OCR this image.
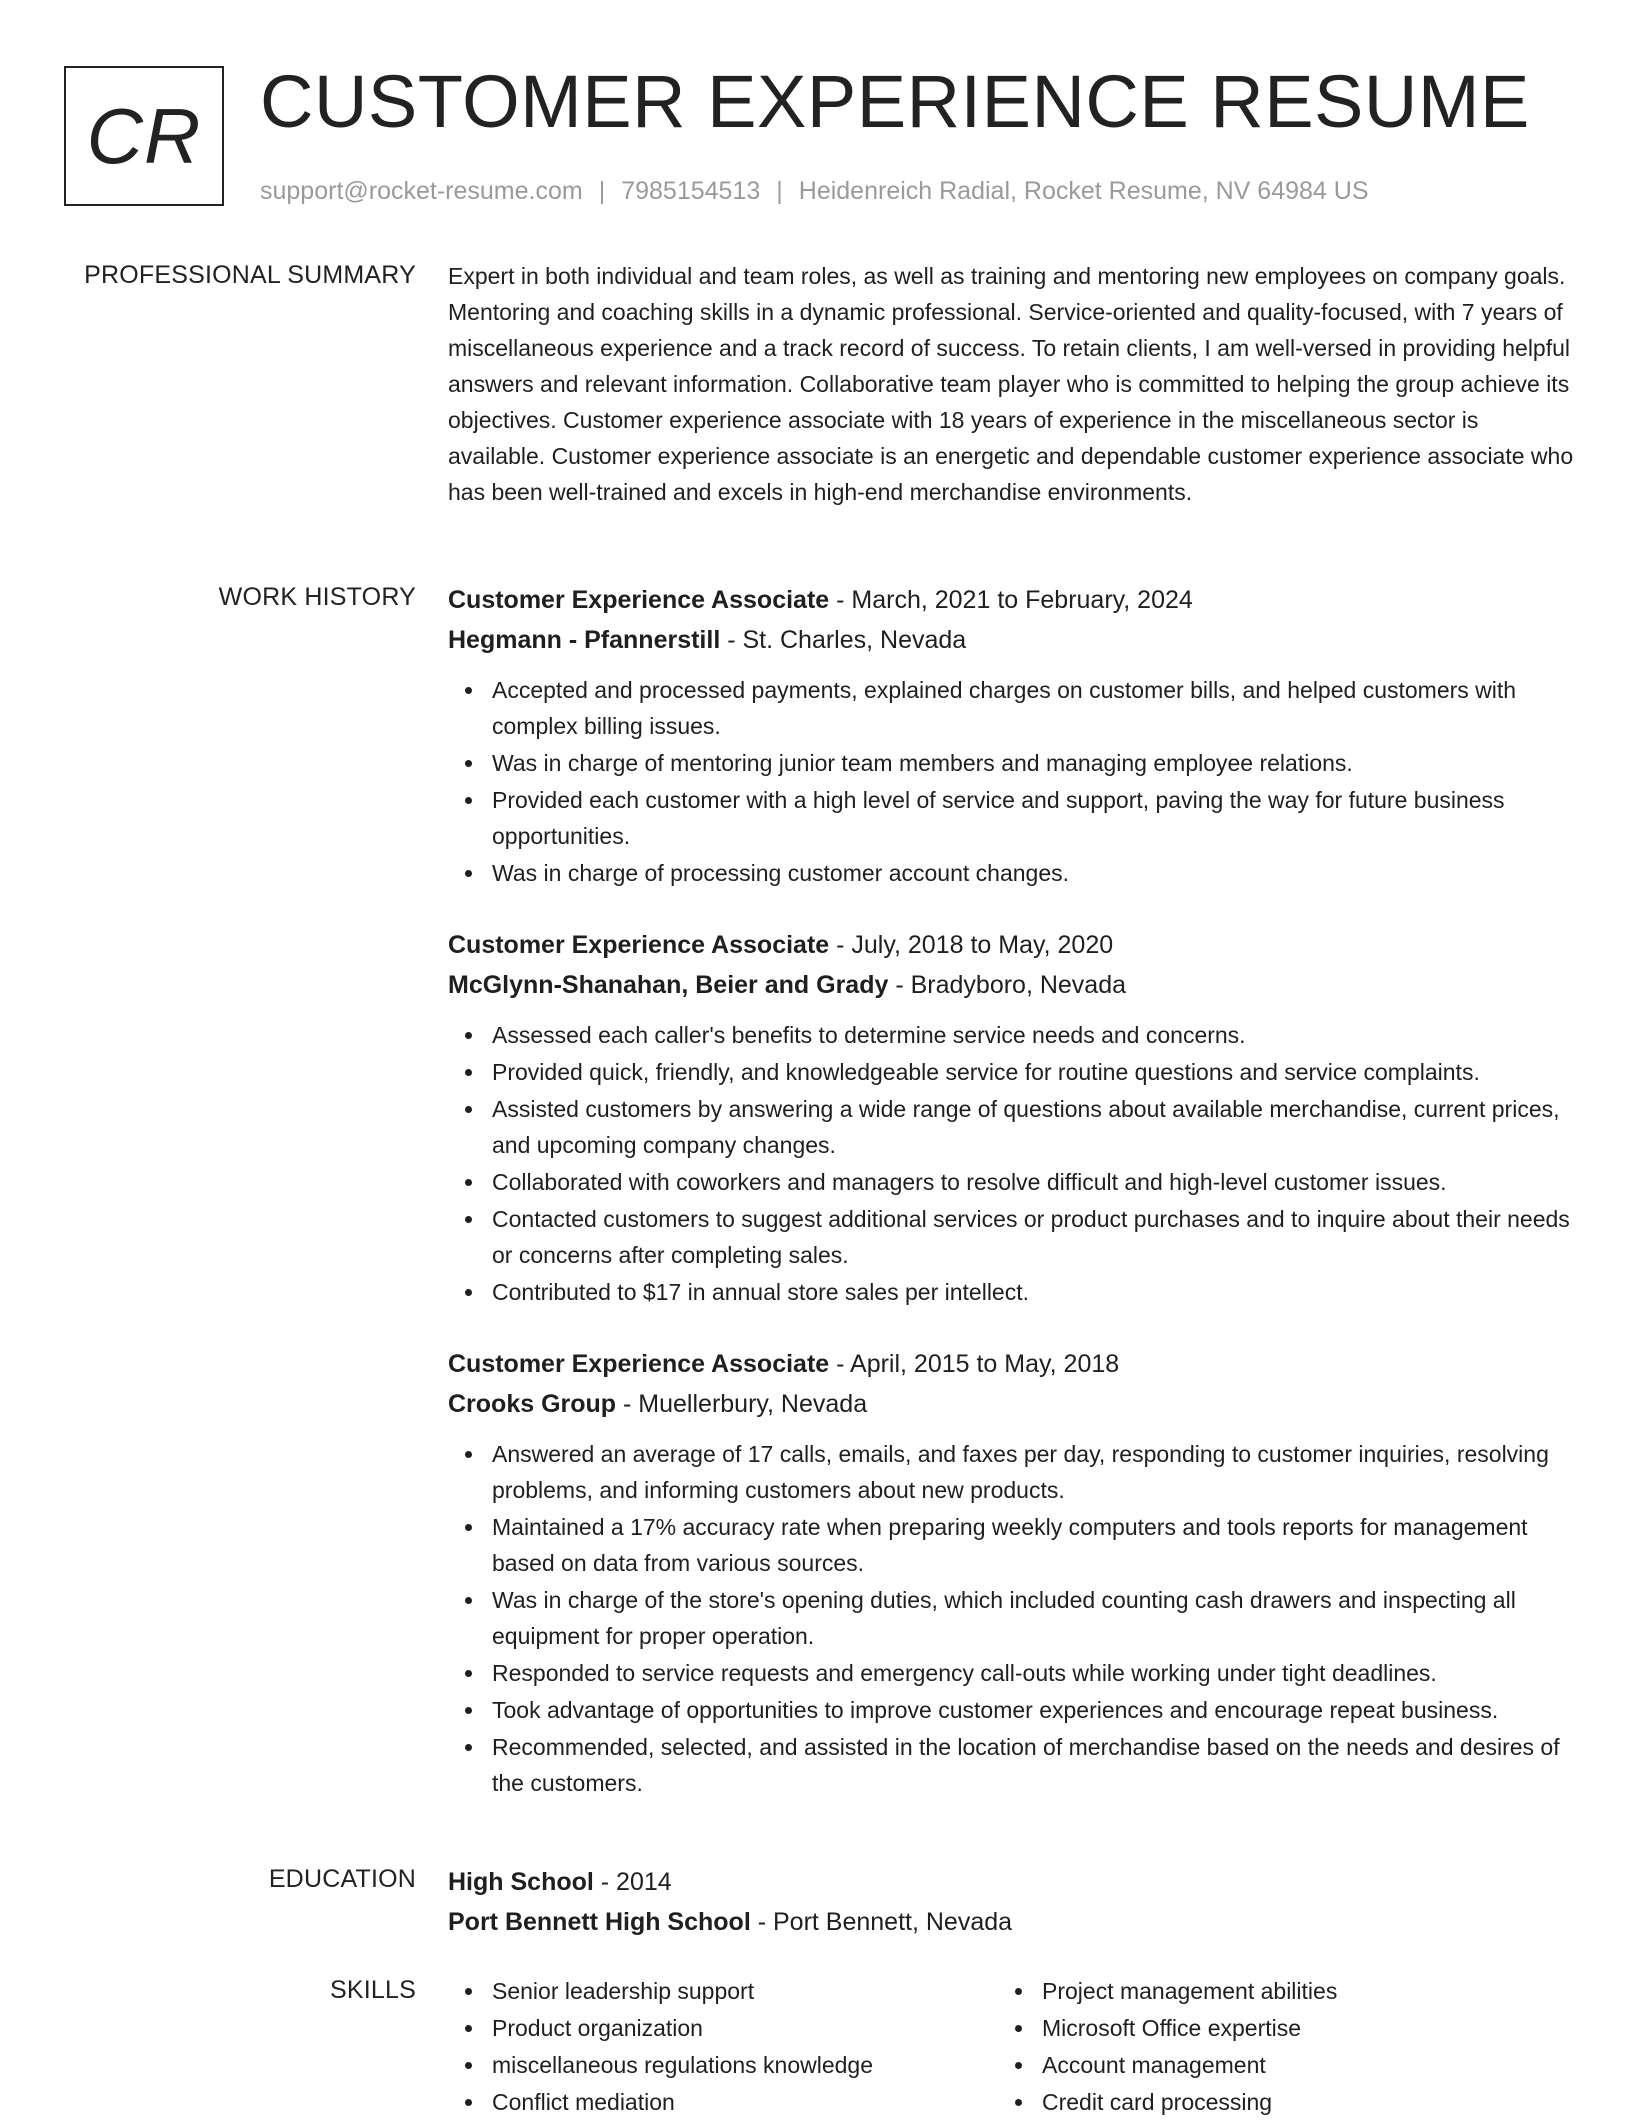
CR CUSTOMER EXPERIENCE RESUME
support@rocket-resume.com | 7985154513 | Heidenreich Radial, Rocket Resume, NV 64984 US
PROFESSIONAL SUMMARY Expert in both individual and team roles, as well as training and mentoring new employees on company goals. Mentoring and coaching skills in a dynamic professional. Service-oriented and quality-focused, with 7 years of miscellaneous experience and a track record of success. To retain clients, I am well-versed in providing helpful answers and relevant information. Collaborative team player who is committed to helping the group achieve its objectives. Customer experience associate with 18 years of experience in the miscellaneous sector is available. Customer experience associate is an energetic and dependable customer experience associate who has been well-trained and excels in high-end merchandise environments.

WORK HISTORY Customer Experience Associate - March, 2021 to February, 2024
Hegmann - Pfannerstill - St. Charles, Nevada
Accepted and processed payments, explained charges on customer bills, and helped customers with complex billing issues.
Was in charge of mentoring junior team members and managing employee relations.
Provided each customer with a high level of service and support, paving the way for future business opportunities.
Was in charge of processing customer account changes.
Customer Experience Associate - July, 2018 to May, 2020
McGlynn-Shanahan, Beier and Grady - Bradyboro, Nevada
Assessed each caller's benefits to determine service needs and concerns.
Provided quick, friendly, and knowledgeable service for routine questions and service complaints.
Assisted customers by answering a wide range of questions about available merchandise, current prices, and upcoming company changes.
Collaborated with coworkers and managers to resolve difficult and high-level customer issues.
Contacted customers to suggest additional services or product purchases and to inquire about their needs or concerns after completing sales.
Contributed to $17 in annual store sales per intellect.
Customer Experience Associate - April, 2015 to May, 2018
Crooks Group - Muellerbury, Nevada
Answered an average of 17 calls, emails, and faxes per day, responding to customer inquiries, resolving problems, and informing customers about new products.
Maintained a 17% accuracy rate when preparing weekly computers and tools reports for management based on data from various sources.
Was in charge of the store's opening duties, which included counting cash drawers and inspecting all equipment for proper operation.
Responded to service requests and emergency call-outs while working under tight deadlines.
Took advantage of opportunities to improve customer experiences and encourage repeat business.
Recommended, selected, and assisted in the location of merchandise based on the needs and desires of the customers.
EDUCATION High School - 2014
Port Bennett High School - Port Bennett, Nevada
SKILLS	Senior leadership support
Product organization
miscellaneous regulations knowledge
Conflict mediation
Project management abilities
Microsoft Office expertise
Account management
Credit card processing
